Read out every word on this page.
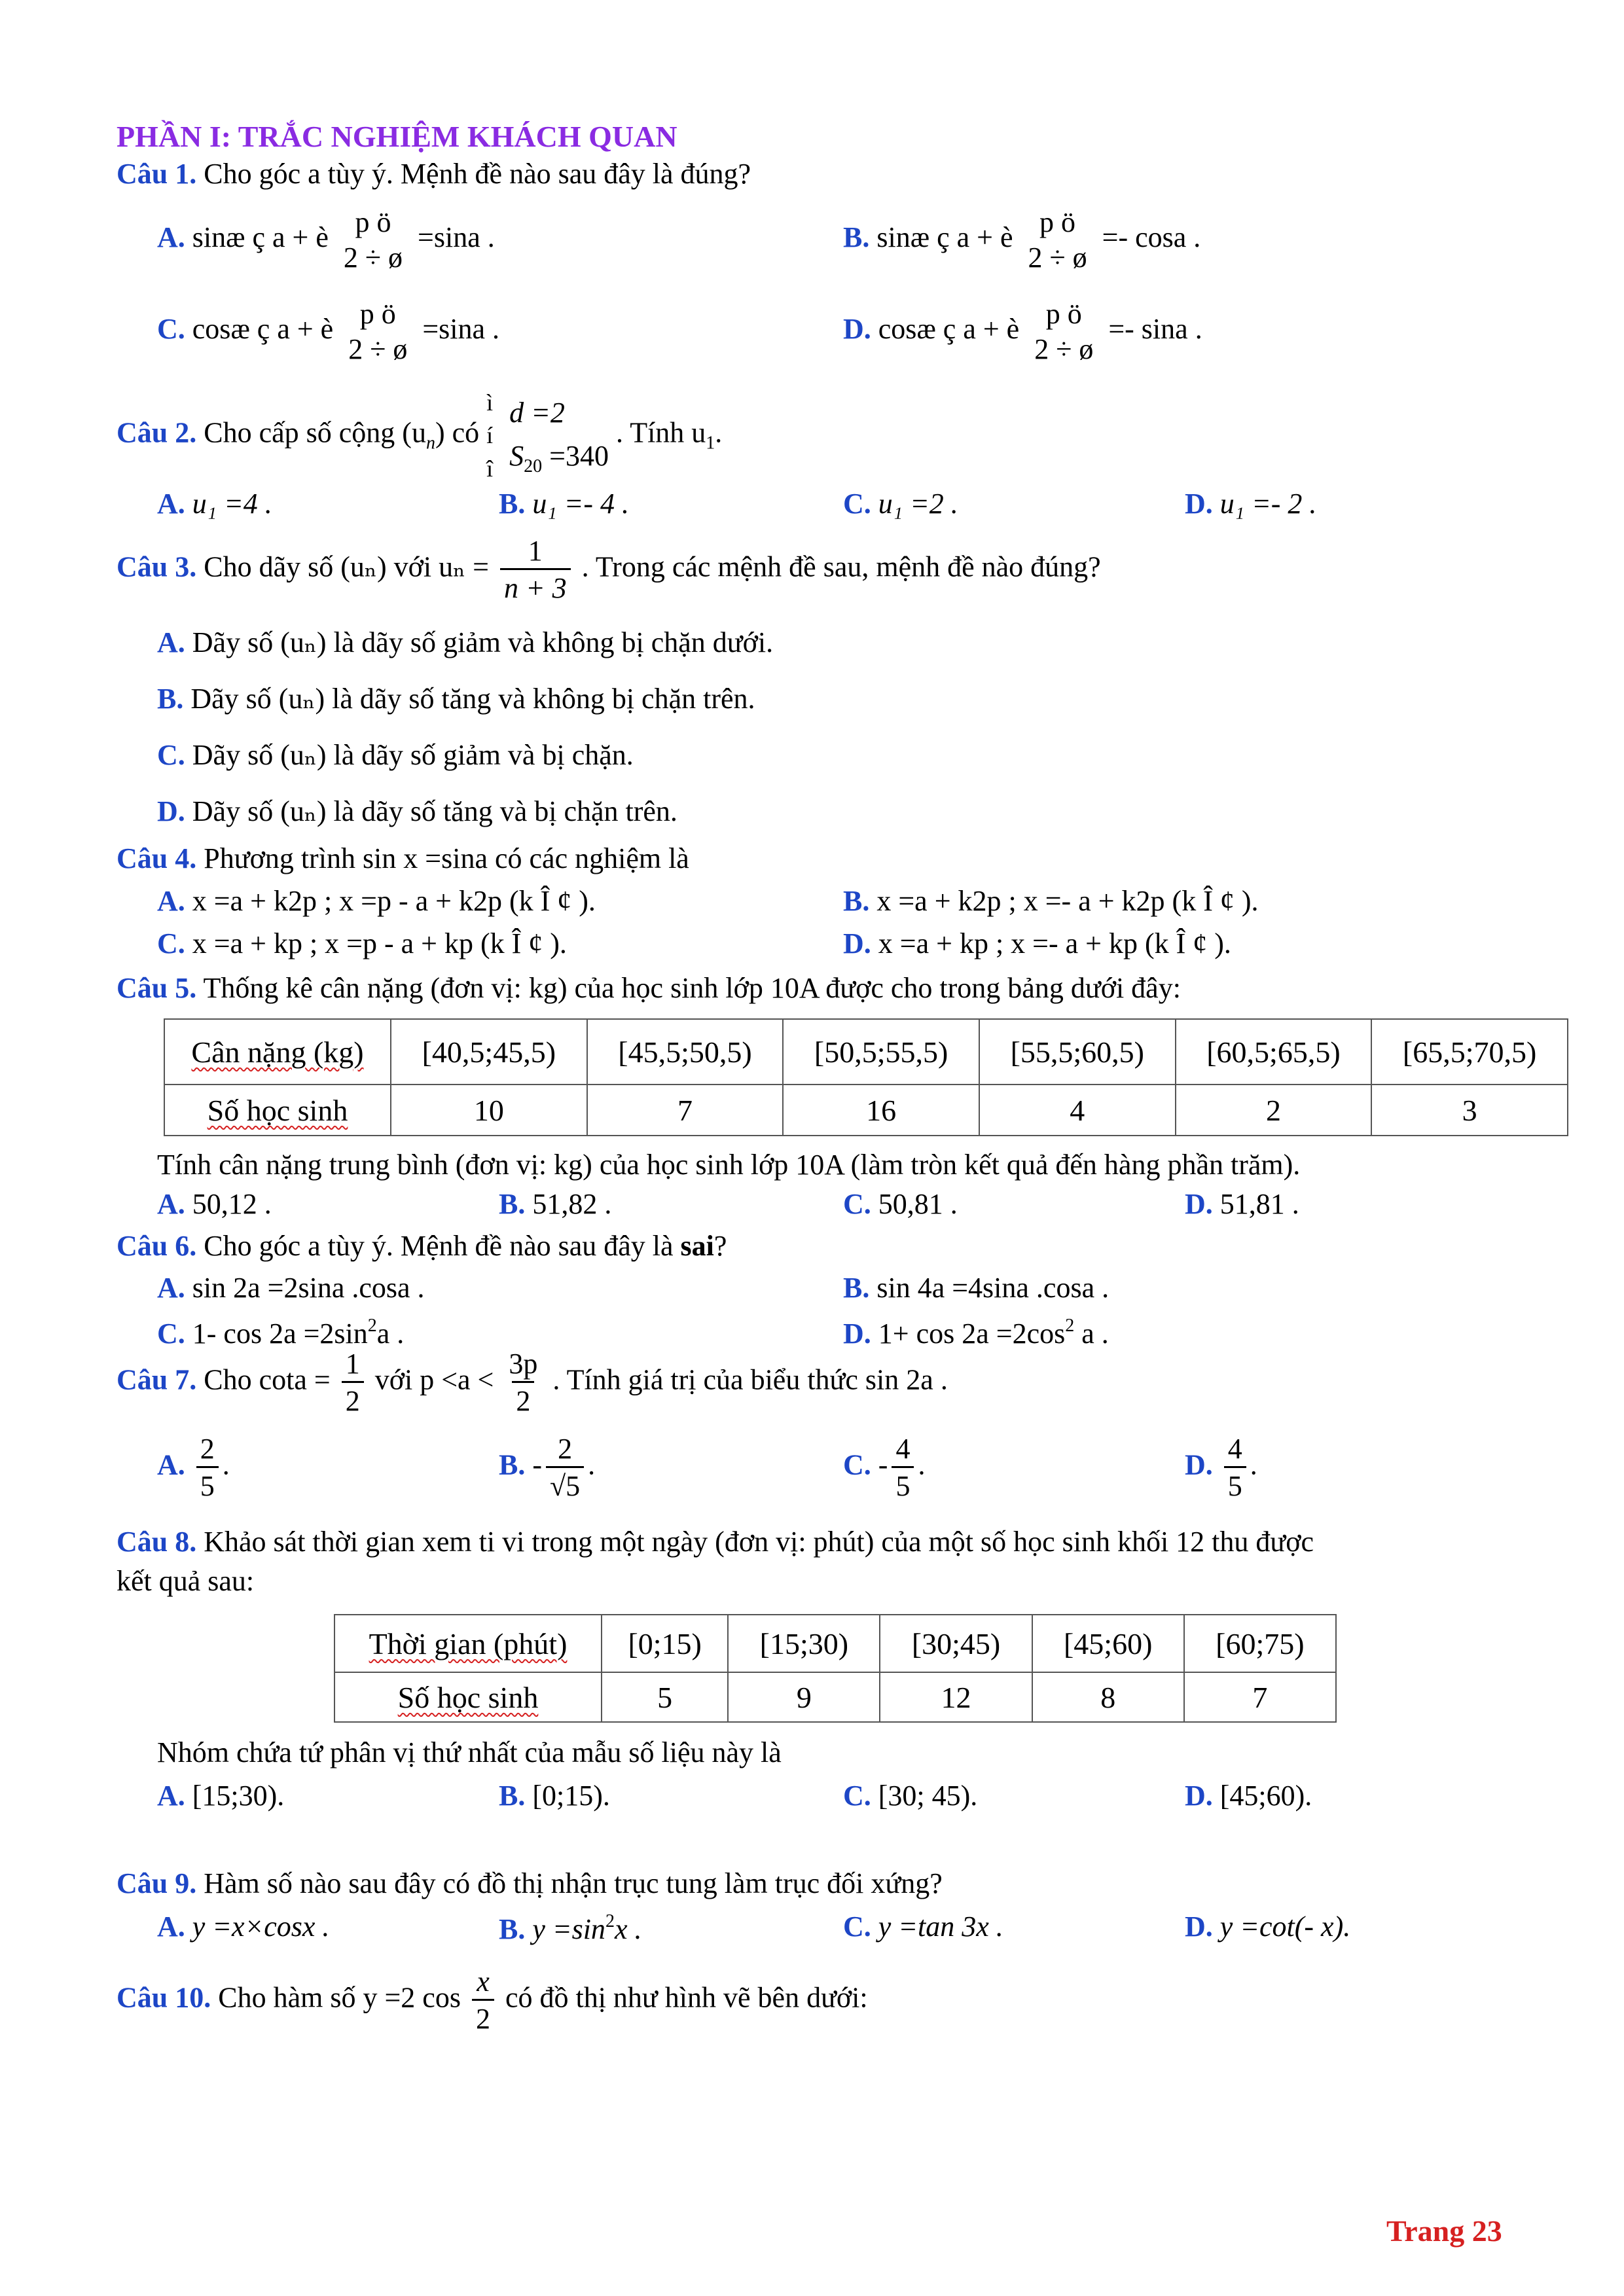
PHẦN I: TRẮC NGHIỆM KHÁCH QUAN
Câu 1. Cho góc a tùy ý. Mệnh đề nào sau đây là đúng?
A. sinæ ç a + è p ö
2 ÷ ø
=sina .	B. sinæ ç a + è p ö
2 ÷ ø
=- cosa .
C. cosæ ç a + è p ö
2 ÷ ø
=sina .	D. cosæ ç a + è p ö
2 ÷ ø
=- sina .
Câu 2. Cho cấp số cộng $(u_n)$ có ì í î
d =2
$S_{20} =340$
. Tính $u_1$.
A. u₁ =4 .	B. u₁ =- 4 .	C. u₁ =2 .	D. u₁ =- 2 .
Câu 3. Cho dãy số (uₙ) với $u_n = \frac{1}{n + 3}$ . Trong các mệnh đề sau, mệnh đề nào đúng?
A. Dãy số (uₙ) là dãy số giảm và không bị chặn dưới.
B. Dãy số (uₙ) là dãy số tăng và không bị chặn trên.
C. Dãy số (uₙ) là dãy số giảm và bị chặn.
D. Dãy số (uₙ) là dãy số tăng và bị chặn trên.
Câu 4. Phương trình sin x =sina có các nghiệm là
A. x =a + k2p ; x =p - a + k2p (k Î ¢ ).	B. x =a + k2p ; x =- a + k2p (k Î ¢ ).
C. x =a + kp ; x =p - a + kp (k Î ¢ ).	D. x =a + kp ; x =- a + kp (k Î ¢ ).
Câu 5. Thống kê cân nặng (đơn vị: kg) của học sinh lớp 10A được cho trong bảng dưới đây:
Cân nặng (kg)	[40,5;45,5)	[45,5;50,5)	[50,5;55,5)	[55,5;60,5)	[60,5;65,5)	[65,5;70,5)
Số học sinh	10	7	16	4	2	3
Tính cân nặng trung bình (đơn vị: kg) của học sinh lớp 10A (làm tròn kết quả đến hàng phần trăm).
A. 50,12 .	B. 51,82 .	C. 50,81 .	D. 51,81 .
Câu 6. Cho góc a tùy ý. Mệnh đề nào sau đây là sai?
A. sin 2a =2sina .cosa .	B. sin 4a =4sina .cosa .
C. 1- $\cos 2a =2\sin^2a$ .	D. $1+ \cos 2a =2\cos^2$ a .
Câu 7. Cho $\cot a = \frac{1}{2}$ với $p <a < \frac{3p}{2}$ . Tính giá trị của biểu thức sin 2a .
A. $\frac{2}{5}$ .	B. - $\frac{2}{√5}$ .	C. - $\frac{4}{5}$ .	D. $\frac{4}{5}$ .
Câu 8. Khảo sát thời gian xem ti vi trong một ngày (đơn vị: phút) của một số học sinh khối 12 thu được
kết quả sau:
Thời gian (phút)	[0;15)	[15;30)	[30;45)	[45;60)	[60;75)
Số học sinh	5	9	12	8	7
Nhóm chứa tứ phân vị thứ nhất của mẫu số liệu này là
A. [15;30).	B. [0;15).	C. [30; 45).	D. [45;60).
Câu 9. Hàm số nào sau đây có đồ thị nhận trục tung làm trục đối xứng?
A. y =x×cosx .	B. $y =\sin^2x$ .	C. y =tan 3x .	D. y =cot(- x).
Câu 10. Cho hàm số y =2 $\cos \frac{x}{2}$ có đồ thị như hình vẽ bên dưới:
Trang 23
